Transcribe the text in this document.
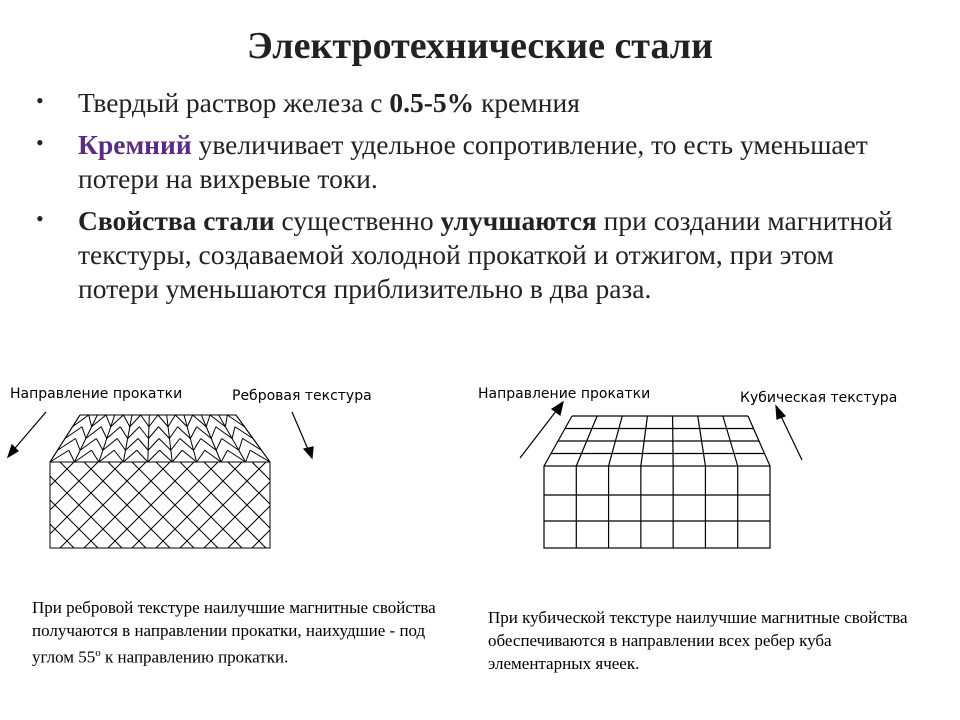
Электротехнические стали
• Твердый раствор железа с 0.5-5% кремния
• Кремний увеличивает удельное сопротивление, то есть уменьшает потери на вихревые токи.
• Свойства стали существенно улучшаются при создании магнитной текстуры, создаваемой холодной прокаткой и отжигом, при этом потери уменьшаются приблизительно в два раза.
Направление прокатки	Ребровая текстура	Направление прокатки	Кубическая текстура
При ребровой текстуре наилучшие магнитные свойства получаются в направлении прокатки, наихудшие - под углом $55^о$ к направлению прокатки.
При кубической текстуре наилучшие магнитные свойства обеспечиваются в направлении всех ребер куба элементарных ячеек.
